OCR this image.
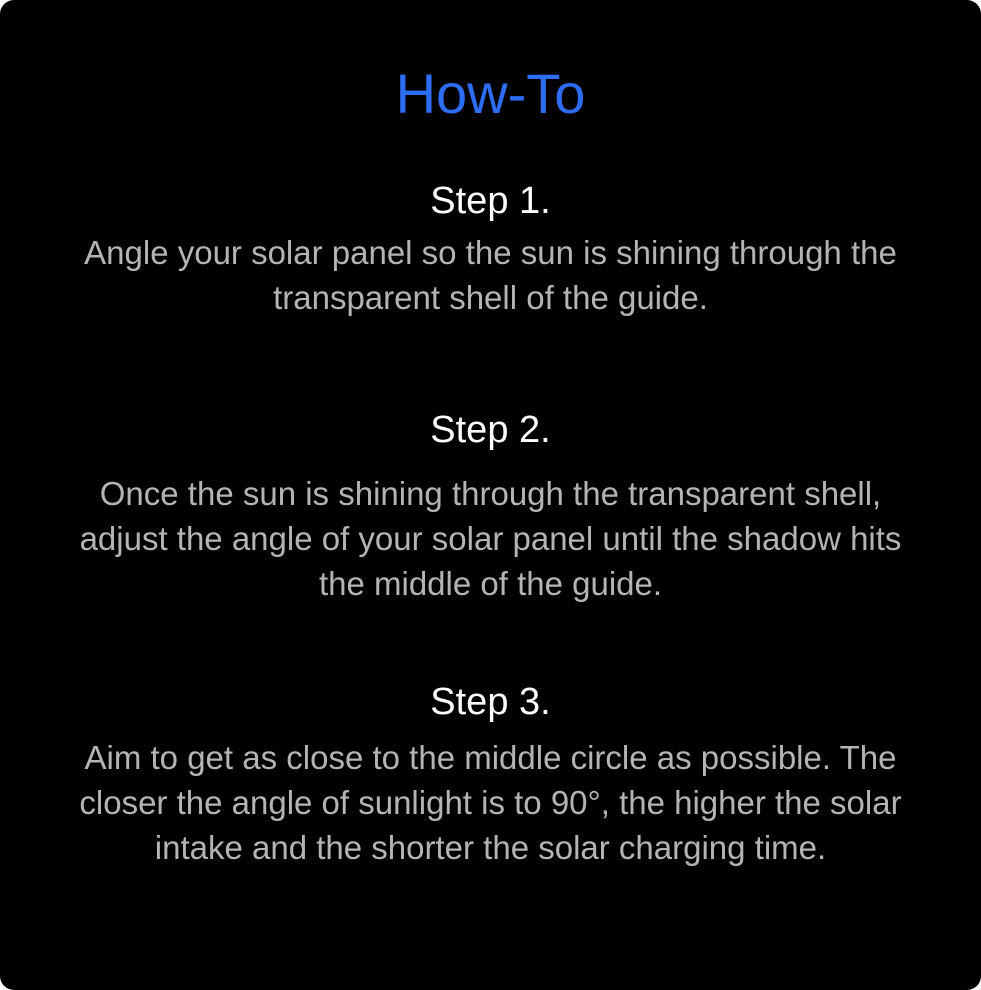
How-To
Step 1.

Angle your solar panel so the sun is shining through the transparent shell of the guide.

Step 2.

Once the sun is shining through the transparent shell, adjust the angle of your solar panel until the shadow hits the middle of the guide.

Step 3.

Aim to get as close to the middle circle as possible. The closer the angle of sunlight is to 90°, the higher the solar intake and the shorter the solar charging time.
